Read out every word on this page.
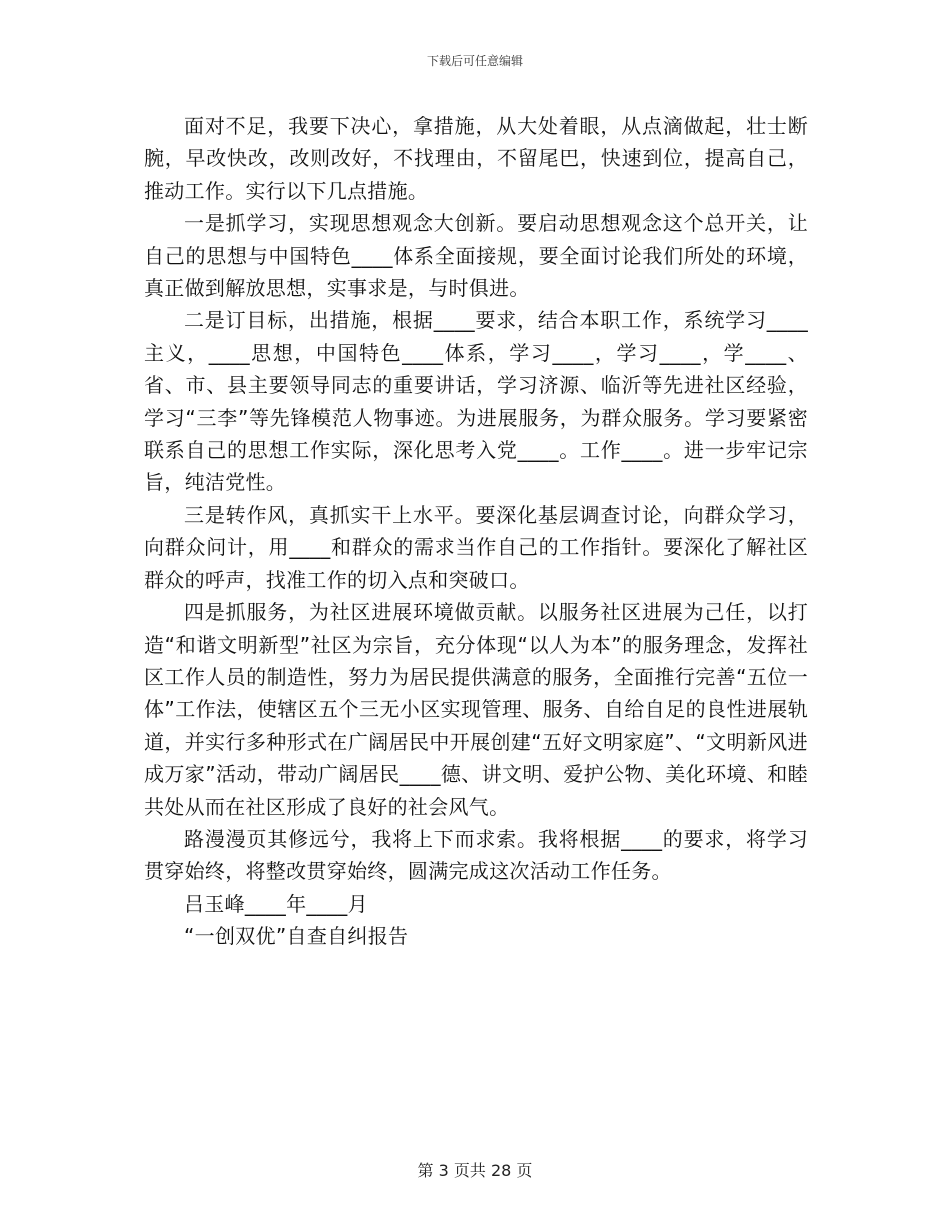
下载后可任意编辑

面对不足，我要下决心，拿措施，从大处着眼，从点滴做起，壮士断腕，早改快改，改则改好，不找理由，不留尾巴，快速到位，提高自己，推动工作。实行以下几点措施。

一是抓学习，实现思想观念大创新。要启动思想观念这个总开关，让自己的思想与中国特色____体系全面接规，要全面讨论我们所处的环境，真正做到解放思想，实事求是，与时俱进。

二是订目标，出措施，根据____要求，结合本职工作，系统学习____主义，____思想，中国特色____体系，学习____，学习____，学____、省、市、县主要领导同志的重要讲话，学习济源、临沂等先进社区经验，学习“三李”等先锋模范人物事迹。为进展服务，为群众服务。学习要紧密联系自己的思想工作实际，深化思考入党____。工作____。进一步牢记宗旨，纯洁党性。

三是转作风，真抓实干上水平。要深化基层调查讨论，向群众学习，向群众问计，用____和群众的需求当作自己的工作指针。要深化了解社区群众的呼声，找准工作的切入点和突破口。

四是抓服务，为社区进展环境做贡献。以服务社区进展为己任，以打造“和谐文明新型”社区为宗旨，充分体现“以人为本”的服务理念，发挥社区工作人员的制造性，努力为居民提供满意的服务，全面推行完善“五位一体”工作法，使辖区五个三无小区实现管理、服务、自给自足的良性进展轨道，并实行多种形式在广阔居民中开展创建“五好文明家庭”、“文明新风进成万家”活动，带动广阔居民____德、讲文明、爱护公物、美化环境、和睦共处从而在社区形成了良好的社会风气。

路漫漫页其修远兮，我将上下而求索。我将根据____的要求，将学习贯穿始终，将整改贯穿始终，圆满完成这次活动工作任务。

吕玉峰____年____月

“一创双优”自查自纠报告

第 3 页共 28 页
